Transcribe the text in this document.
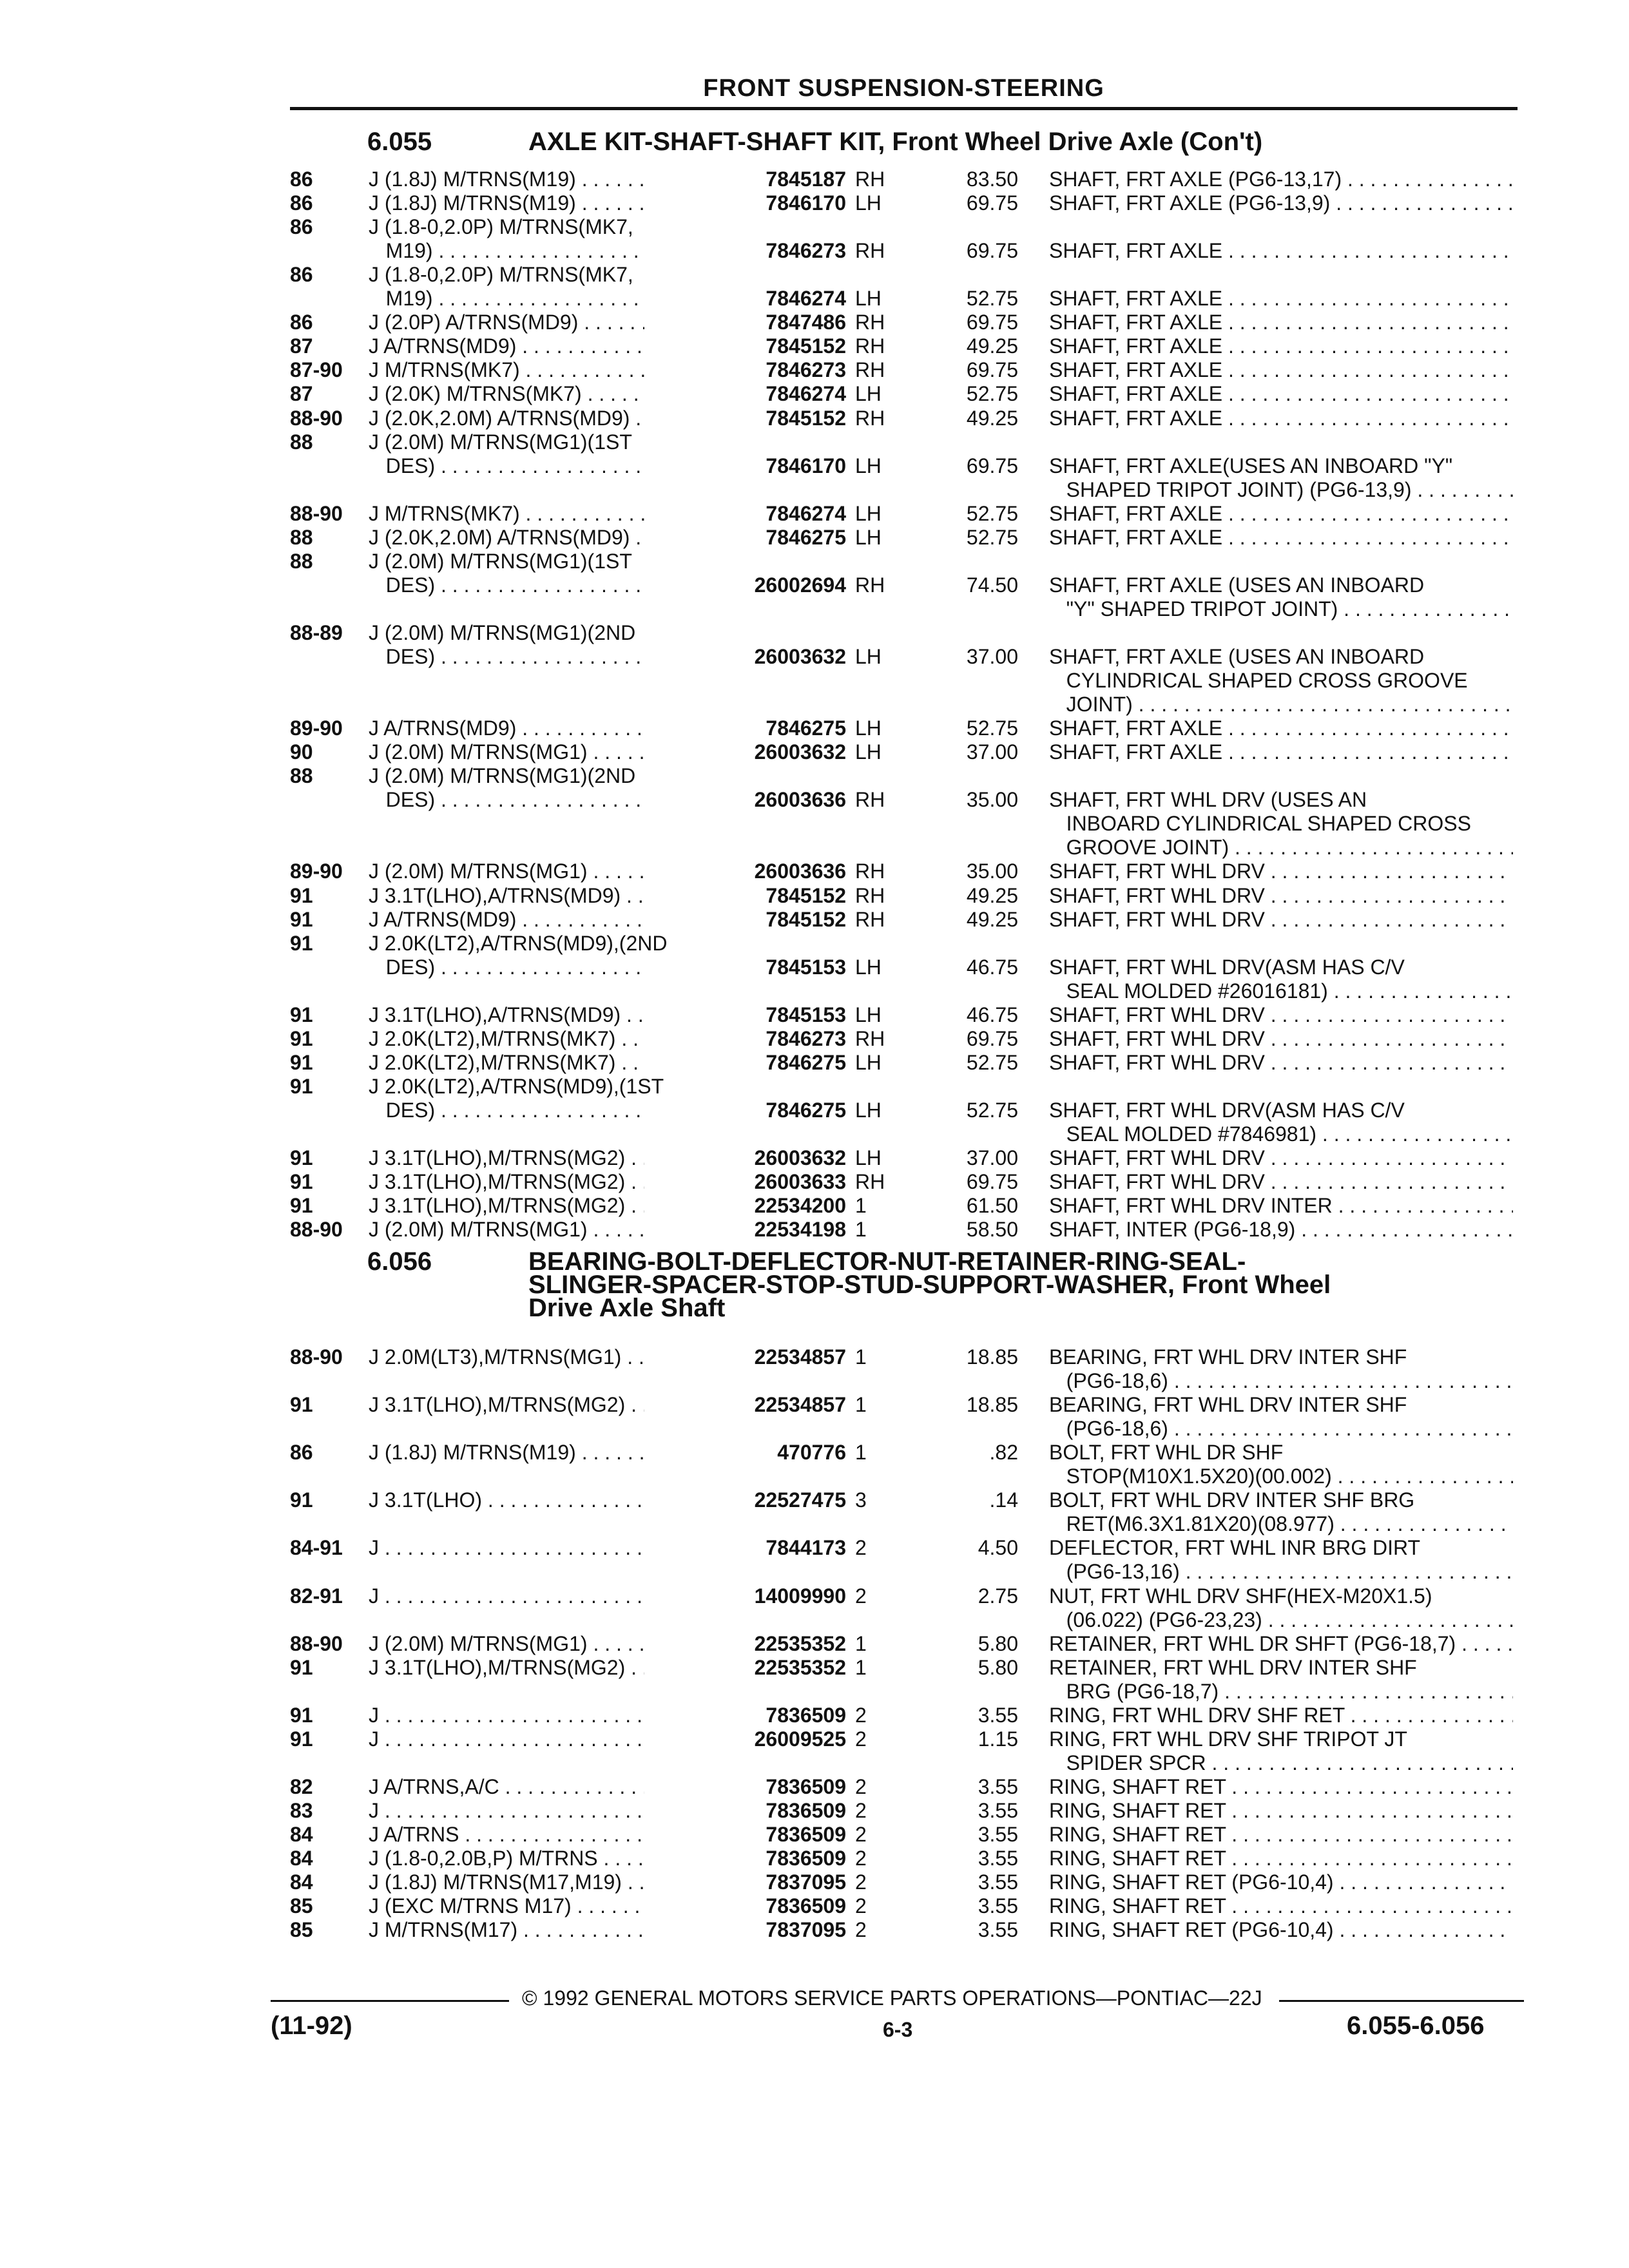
FRONT SUSPENSION-STEERING
6.055	AXLE KIT-SHAFT-SHAFT KIT, Front Wheel Drive Axle (Con't)
86	J (1.8J) M/TRNS(M19) . . .	7845187 RH	83.50 SHAFT, FRT AXLE (PG6-13,17) . . .
86	J (1.8J) M/TRNS(M19) . . .	7846170 LH	69.75 SHAFT, FRT AXLE (PG6-13,9) . . .
86	J (1.8-0,2.0P) M/TRNS(MK7,
M19) . . .	7846273 RH	69.75 SHAFT, FRT AXLE . . .
86	J (1.8-0,2.0P) M/TRNS(MK7,
M19) . . .	7846274 LH	52.75 SHAFT, FRT AXLE . . .
86	J (2.0P) A/TRNS(MD9) . . .	7847486 RH	69.75 SHAFT, FRT AXLE . . .
87	J A/TRNS(MD9) . . .	7845152 RH	49.25 SHAFT, FRT AXLE . . .
87-90 J M/TRNS(MK7) . . .	7846273 RH	69.75 SHAFT, FRT AXLE . . .
87	J (2.0K) M/TRNS(MK7) . . .	7846274 LH	52.75 SHAFT, FRT AXLE . . .
88-90 J (2.0K,2.0M) A/TRNS(MD9) . . .	7845152 RH	49.25 SHAFT, FRT AXLE . . .
88	J (2.0M) M/TRNS(MG1)(1ST
DES) . . .	7846170 LH	69.75 SHAFT, FRT AXLE(USES AN INBOARD "Y"
SHAPED TRIPOT JOINT) (PG6-13,9) . . .
88-90 J M/TRNS(MK7) . . .	7846274 LH	52.75 SHAFT, FRT AXLE . . .
88	J (2.0K,2.0M) A/TRNS(MD9) . . .	7846275 LH	52.75 SHAFT, FRT AXLE . . .
88	J (2.0M) M/TRNS(MG1)(1ST
DES) . . .	26002694 RH	74.50 SHAFT, FRT AXLE (USES AN INBOARD
"Y" SHAPED TRIPOT JOINT) . . .
88-89 J (2.0M) M/TRNS(MG1)(2ND
DES) . . .	26003632 LH	37.00 SHAFT, FRT AXLE (USES AN INBOARD
CYLINDRICAL SHAPED CROSS GROOVE
JOINT) . . .
89-90 J A/TRNS(MD9) . . .	7846275 LH	52.75 SHAFT, FRT AXLE . . .
90	J (2.0M) M/TRNS(MG1) . . .	26003632 LH	37.00 SHAFT, FRT AXLE . . .
88	J (2.0M) M/TRNS(MG1)(2ND
DES) . . .	26003636 RH	35.00 SHAFT, FRT WHL DRV (USES AN
INBOARD CYLINDRICAL SHAPED CROSS
GROOVE JOINT) . . .
89-90 J (2.0M) M/TRNS(MG1) . . .	26003636 RH	35.00 SHAFT, FRT WHL DRV . . .
91	J 3.1T(LHO),A/TRNS(MD9) . . .	7845152 RH	49.25 SHAFT, FRT WHL DRV . . .
91	J A/TRNS(MD9) . . .	7845152 RH	49.25 SHAFT, FRT WHL DRV . . .
91	J 2.0K(LT2),A/TRNS(MD9),(2ND
DES) . . .	7845153 LH	46.75 SHAFT, FRT WHL DRV(ASM HAS C/V
SEAL MOLDED #26016181) . . .
91	J 3.1T(LHO),A/TRNS(MD9) . . .	7845153 LH	46.75 SHAFT, FRT WHL DRV . . .
91	J 2.0K(LT2),M/TRNS(MK7) . . .	7846273 RH	69.75 SHAFT, FRT WHL DRV . . .
91	J 2.0K(LT2),M/TRNS(MK7) . . .	7846275 LH	52.75 SHAFT, FRT WHL DRV . . .
91	J 2.0K(LT2),A/TRNS(MD9),(1ST
DES) . . .	7846275 LH	52.75 SHAFT, FRT WHL DRV(ASM HAS C/V
SEAL MOLDED #7846981) . . .
91	J 3.1T(LHO),M/TRNS(MG2) . . .	26003632 LH	37.00 SHAFT, FRT WHL DRV . . .
91	J 3.1T(LHO),M/TRNS(MG2) . . .	26003633 RH	69.75 SHAFT, FRT WHL DRV . . .
91	J 3.1T(LHO),M/TRNS(MG2) . . .	22534200 1	61.50 SHAFT, FRT WHL DRV INTER . . .
88-90 J (2.0M) M/TRNS(MG1) . . .	22534198 1	58.50 SHAFT, INTER (PG6-18,9) . . .
6.056	BEARING-BOLT-DEFLECTOR-NUT-RETAINER-RING-SEAL-
SLINGER-SPACER-STOP-STUD-SUPPORT-WASHER, Front Wheel
Drive Axle Shaft
88-90 J 2.0M(LT3),M/TRNS(MG1) . . .	22534857 1	18.85 BEARING, FRT WHL DRV INTER SHF
(PG6-18,6) . . .
91	J 3.1T(LHO),M/TRNS(MG2) . . .	22534857 1	18.85 BEARING, FRT WHL DRV INTER SHF
(PG6-18,6) . . .
86	J (1.8J) M/TRNS(M19) . . .	470776 1	.82 BOLT, FRT WHL DR SHF
STOP(M10X1.5X20)(00.002) . . .
91	J 3.1T(LHO) . . .	22527475 3	.14 BOLT, FRT WHL DRV INTER SHF BRG
RET(M6.3X1.81X20)(08.977) . . .
84-91 J . . .	7844173 2	4.50 DEFLECTOR, FRT WHL INR BRG DIRT
(PG6-13,16) . . .
82-91 J . . .	14009990 2	2.75 NUT, FRT WHL DRV SHF(HEX-M20X1.5)
(06.022) (PG6-23,23) . . .
88-90 J (2.0M) M/TRNS(MG1) . . .	22535352 1	5.80 RETAINER, FRT WHL DR SHFT (PG6-18,7) . . .
91	J 3.1T(LHO),M/TRNS(MG2) . . .	22535352 1	5.80 RETAINER, FRT WHL DRV INTER SHF
BRG (PG6-18,7) . . .
91	J . . .	7836509 2	3.55 RING, FRT WHL DRV SHF RET . . .
91	J . . .	26009525 2	1.15 RING, FRT WHL DRV SHF TRIPOT JT
SPIDER SPCR . . .
82	J A/TRNS,A/C . . .	7836509 2	3.55 RING, SHAFT RET . . .
83	J . . .	7836509 2	3.55 RING, SHAFT RET . . .
84	J A/TRNS . . .	7836509 2	3.55 RING, SHAFT RET . . .
84	J (1.8-0,2.0B,P) M/TRNS . . .	7836509 2	3.55 RING, SHAFT RET . . .
84	J (1.8J) M/TRNS(M17,M19) . . .	7837095 2	3.55 RING, SHAFT RET (PG6-10,4) . . .
85	J (EXC M/TRNS M17) . . .	7836509 2	3.55 RING, SHAFT RET . . .
85	J M/TRNS(M17) . . .	7837095 2	3.55 RING, SHAFT RET (PG6-10,4) . . .
© 1992 GENERAL MOTORS SERVICE PARTS OPERATIONS—PONTIAC—22J
(11-92)	6-3	6.055-6.056
